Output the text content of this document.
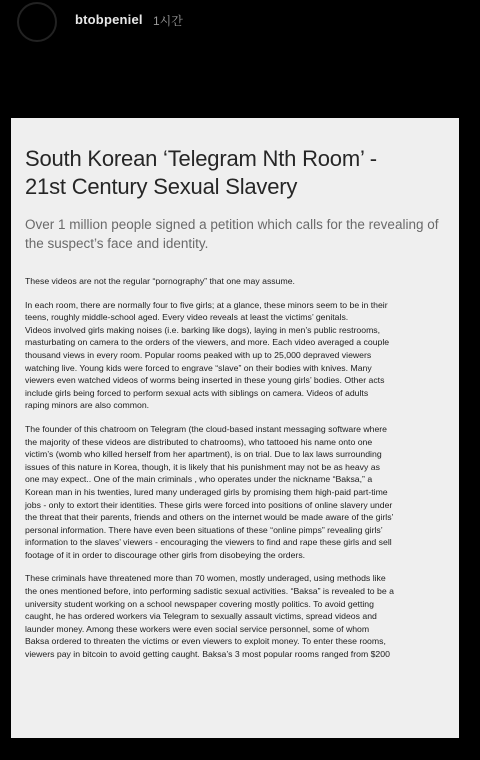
btobpeniel 1시간
South Korean ‘Telegram Nth Room’ -
21st Century Sexual Slavery
Over 1 million people signed a petition which calls for the revealing of
the suspect’s face and identity.

These videos are not the regular “pornography” that one may assume.

In each room, there are normally four to five girls; at a glance, these minors seem to be in their
teens, roughly middle-school aged. Every video reveals at least the victims’ genitals.
Videos involved girls making noises (i.e. barking like dogs), laying in men’s public restrooms,
masturbating on camera to the orders of the viewers, and more. Each video averaged a couple
thousand views in every room. Popular rooms peaked with up to 25,000 depraved viewers
watching live. Young kids were forced to engrave “slave” on their bodies with knives. Many
viewers even watched videos of worms being inserted in these young girls’ bodies. Other acts
include girls being forced to perform sexual acts with siblings on camera. Videos of adults
raping minors are also common.

The founder of this chatroom on Telegram (the cloud-based instant messaging software where
the majority of these videos are distributed to chatrooms), who tattooed his name onto one
victim’s (womb who killed herself from her apartment), is on trial. Due to lax laws surrounding
issues of this nature in Korea, though, it is likely that his punishment may not be as heavy as
one may expect.. One of the main criminals , who operates under the nickname “Baksa,” a
Korean man in his twenties, lured many underaged girls by promising them high-paid part-time
jobs - only to extort their identities. These girls were forced into positions of online slavery under
the threat that their parents, friends and others on the internet would be made aware of the girls’
personal information. There have even been situations of these “online pimps” revealing girls’
information to the slaves’ viewers - encouraging the viewers to find and rape these girls and sell
footage of it in order to discourage other girls from disobeying the orders.

These criminals have threatened more than 70 women, mostly underaged, using methods like
the ones mentioned before, into performing sadistic sexual activities. “Baksa” is revealed to be a
university student working on a school newspaper covering mostly politics. To avoid getting
caught, he has ordered workers via Telegram to sexually assault victims, spread videos and
launder money. Among these workers were even social service personnel, some of whom
Baksa ordered to threaten the victims or even viewers to exploit money. To enter these rooms,
viewers pay in bitcoin to avoid getting caught. Baksa’s 3 most popular rooms ranged from $200
